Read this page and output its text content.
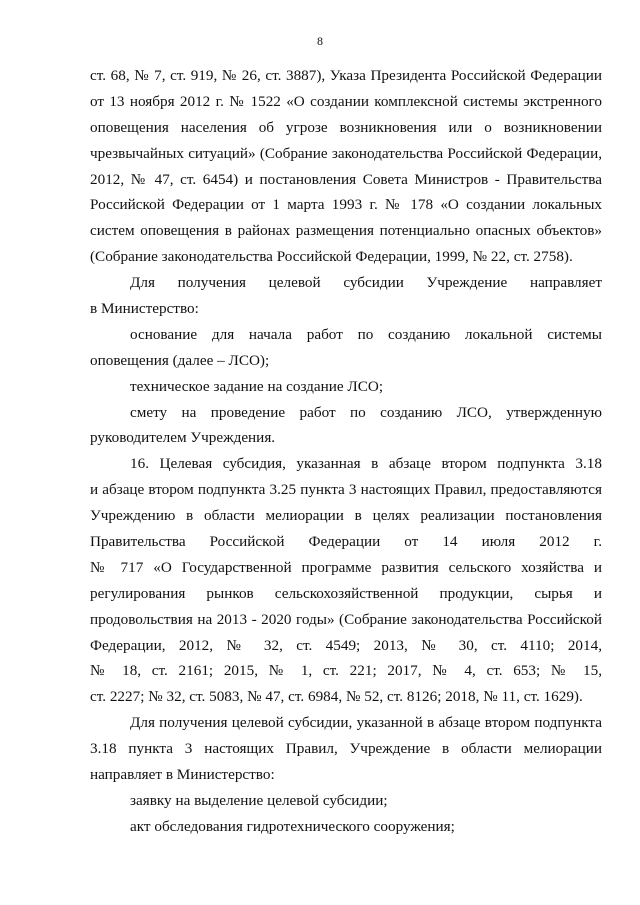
8
ст. 68, № 7, ст. 919, № 26, ст. 3887), Указа Президента Российской Федерации
от 13 ноября 2012 г. № 1522 «О создании комплексной системы экстренного
оповещения населения об угрозе возникновения или о возникновении
чрезвычайных ситуаций» (Собрание законодательства Российской Федерации,
2012, № 47, ст. 6454) и постановления Совета Министров - Правительства
Российской Федерации от 1 марта 1993 г. № 178 «О создании локальных
систем оповещения в районах размещения потенциально опасных объектов»
(Собрание законодательства Российской Федерации, 1999, № 22, ст. 2758).
Для получения целевой субсидии Учреждение направляет
в Министерство:
основание для начала работ по созданию локальной системы
оповещения (далее – ЛСО);
техническое задание на создание ЛСО;
смету на проведение работ по созданию ЛСО, утвержденную
руководителем Учреждения.
16. Целевая субсидия, указанная в абзаце втором подпункта 3.18
и абзаце втором подпункта 3.25 пункта 3 настоящих Правил, предоставляются
Учреждению в области мелиорации в целях реализации постановления
Правительства Российской Федерации от 14 июля 2012 г.
№ 717 «О Государственной программе развития сельского хозяйства и
регулирования рынков сельскохозяйственной продукции, сырья и
продовольствия на 2013 - 2020 годы» (Собрание законодательства Российской
Федерации, 2012, № 32, ст. 4549; 2013, № 30, ст. 4110; 2014,
№ 18, ст. 2161; 2015, № 1, ст. 221; 2017, № 4, ст. 653; № 15,
ст. 2227; № 32, ст. 5083, № 47, ст. 6984, № 52, ст. 8126; 2018, № 11, ст. 1629).
Для получения целевой субсидии, указанной в абзаце втором подпункта
3.18 пункта 3 настоящих Правил, Учреждение в области мелиорации
направляет в Министерство:
заявку на выделение целевой субсидии;
акт обследования гидротехнического сооружения;
